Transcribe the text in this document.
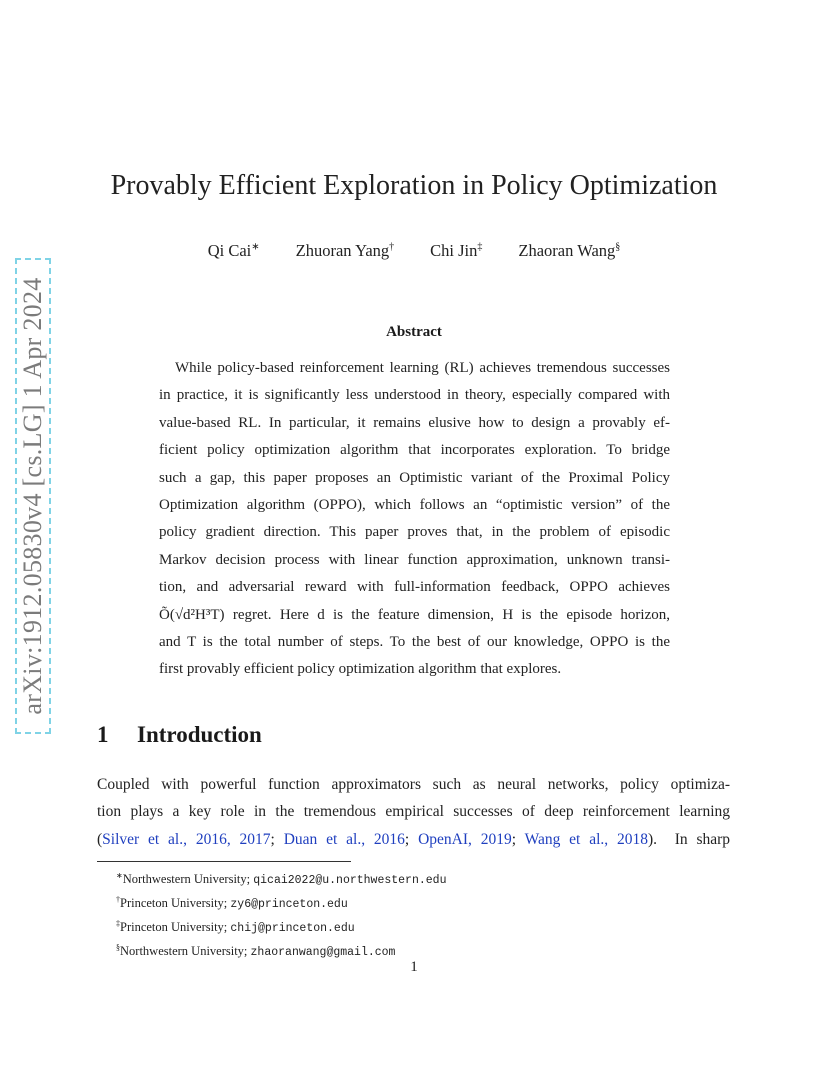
arXiv:1912.05830v4 [cs.LG] 1 Apr 2024
Provably Efficient Exploration in Policy Optimization
Qi Cai∗ Zhuoran Yang† Chi Jin‡ Zhaoran Wang§
Abstract
While policy-based reinforcement learning (RL) achieves tremendous successes
in practice, it is significantly less understood in theory, especially compared with
value-based RL. In particular, it remains elusive how to design a provably ef-
ficient policy optimization algorithm that incorporates exploration. To bridge
such a gap, this paper proposes an Optimistic variant of the Proximal Policy
Optimization algorithm (OPPO), which follows an “optimistic version” of the
policy gradient direction. This paper proves that, in the problem of episodic
Markov decision process with linear function approximation, unknown transi-
tion, and adversarial reward with full-information feedback, OPPO achieves
Õ(√d²H³T) regret. Here d is the feature dimension, H is the episode horizon,
and T is the total number of steps. To the best of our knowledge, OPPO is the
first provably efficient policy optimization algorithm that explores.
1 Introduction
Coupled with powerful function approximators such as neural networks, policy optimiza-
tion plays a key role in the tremendous empirical successes of deep reinforcement learning
(Silver et al., 2016, 2017; Duan et al., 2016; OpenAI, 2019; Wang et al., 2018). In sharp
∗Northwestern University; qicai2022@u.northwestern.edu
†Princeton University; zy6@princeton.edu
‡Princeton University; chij@princeton.edu
§Northwestern University; zhaoranwang@gmail.com
1
